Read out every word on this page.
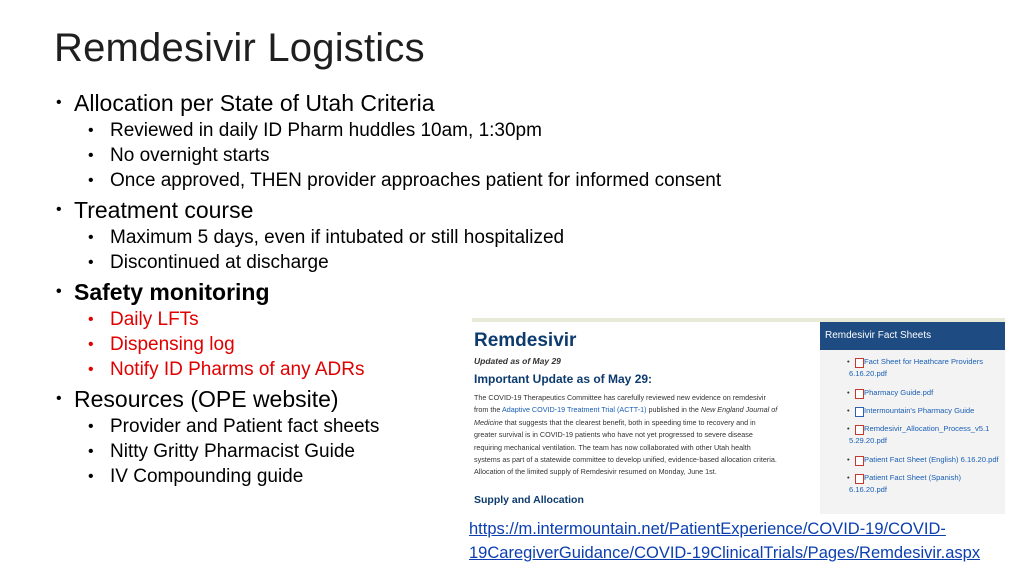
Remdesivir Logistics
• Allocation per State of Utah Criteria
• Reviewed in daily ID Pharm huddles 10am, 1:30pm
• No overnight starts
• Once approved, THEN provider approaches patient for informed consent
• Treatment course
• Maximum 5 days, even if intubated or still hospitalized
• Discontinued at discharge
• Safety monitoring
• Daily LFTs
• Dispensing log
• Notify ID Pharms of any ADRs
• Resources (OPE website)
• Provider and Patient fact sheets
• Nitty Gritty Pharmacist Guide
• IV Compounding guide
Remdesivir
Updated as of May 29
Important Update as of May 29:
The COVID-19 Therapeutics Committee has carefully reviewed new evidence on remdesivir
from the Adaptive COVID-19 Treatment Trial (ACTT-1) published in the New England Journal of
Medicine that suggests that the clearest benefit, both in speeding time to recovery and in
greater survival is in COVID-19 patients who have not yet progressed to severe disease
requiring mechanical ventilation. The team has now collaborated with other Utah health
systems as part of a statewide committee to develop unified, evidence-based allocation criteria.
Allocation of the limited supply of Remdesivir resumed on Monday, June 1st.
Supply and Allocation
Remdesivir Fact Sheets
• Fact Sheet for Heathcare Providers
6.16.20.pdf
• Pharmacy Guide.pdf
• Intermountain's Pharmacy Guide
• Remdesivir_Allocation_Process_v5.1
5.29.20.pdf
• Patient Fact Sheet (English) 6.16.20.pdf
• Patient Fact Sheet (Spanish)
6.16.20.pdf
https://m.intermountain.net/PatientExperience/COVID-19/COVID-
19CaregiverGuidance/COVID-19ClinicalTrials/Pages/Remdesivir.aspx
